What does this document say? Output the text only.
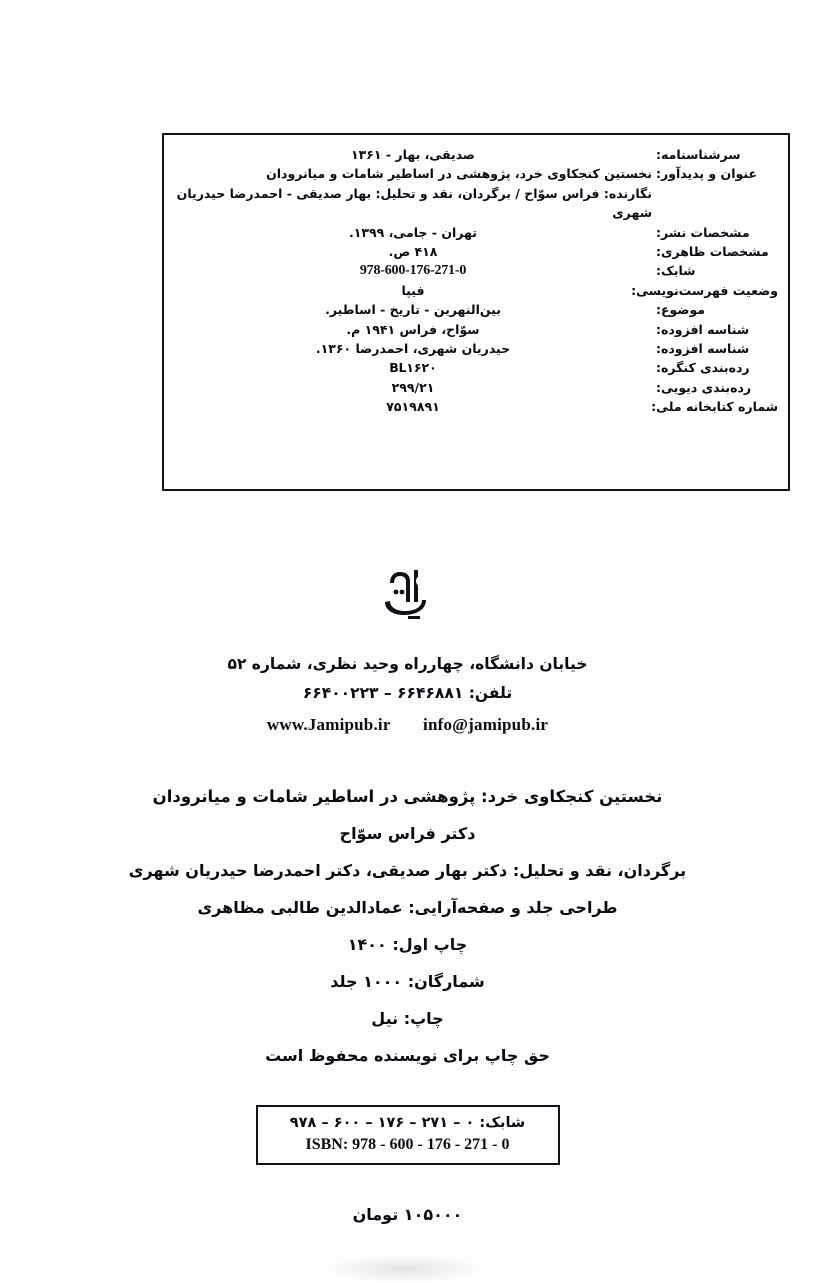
سرشناسنامه:
عنوان و پدیدآور:
مشخصات نشر:
مشخصات ظاهری:
شابک:
وضعیت فهرست‌نویسی:
موضوع:
شناسه افزوده:
شناسه افزوده:
رده‌بندی کنگره:
رده‌بندی دیویی:
شماره کتابخانه ملی:
صدیقی، بهار - ۱۳۶۱
نخستین کنجکاوی خرد، پژوهشی در اساطیر شامات و میانرودان
نگارنده: فراس سوّاح / برگردان، نقد و تحلیل: بهار صدیقی - احمدرضا حیدریان شهری
تهران - جامی، ۱۳۹۹.
۴۱۸ ص.
978-600-176-271-0
فیپا
بین‌النهرین - تاریخ - اساطیر.
سوّاح، فراس ۱۹۴۱ م.
حیدریان شهری، احمدرضا ۱۳۶۰.
BL۱۶۲۰
۲۹۹/۲۱
۷۵۱۹۸۹۱
خیابان دانشگاه، چهارراه وحید نظری، شماره ۵۲
تلفن: ۶۶۴۶۸۸۱ – ۶۶۴۰۰۲۲۳
www.Jamipub.ir info@jamipub.ir
نخستین کنجکاوی خرد: پژوهشی در اساطیر شامات و میانرودان
دکتر فراس سوّاح
برگردان، نقد و تحلیل: دکتر بهار صدیقی، دکتر احمدرضا حیدریان شهری
طراحی جلد و صفحه‌آرایی: عمادالدین طالبی مظاهری
چاپ اول: ۱۴۰۰
شمارگان: ۱۰۰۰ جلد
چاپ: نیل
حق چاپ برای نویسنده محفوظ است
شابک: ۰ – ۲۷۱ – ۱۷۶ – ۶۰۰ – ۹۷۸
ISBN: 978 - 600 - 176 - 271 - 0
۱۰۵۰۰۰ تومان
